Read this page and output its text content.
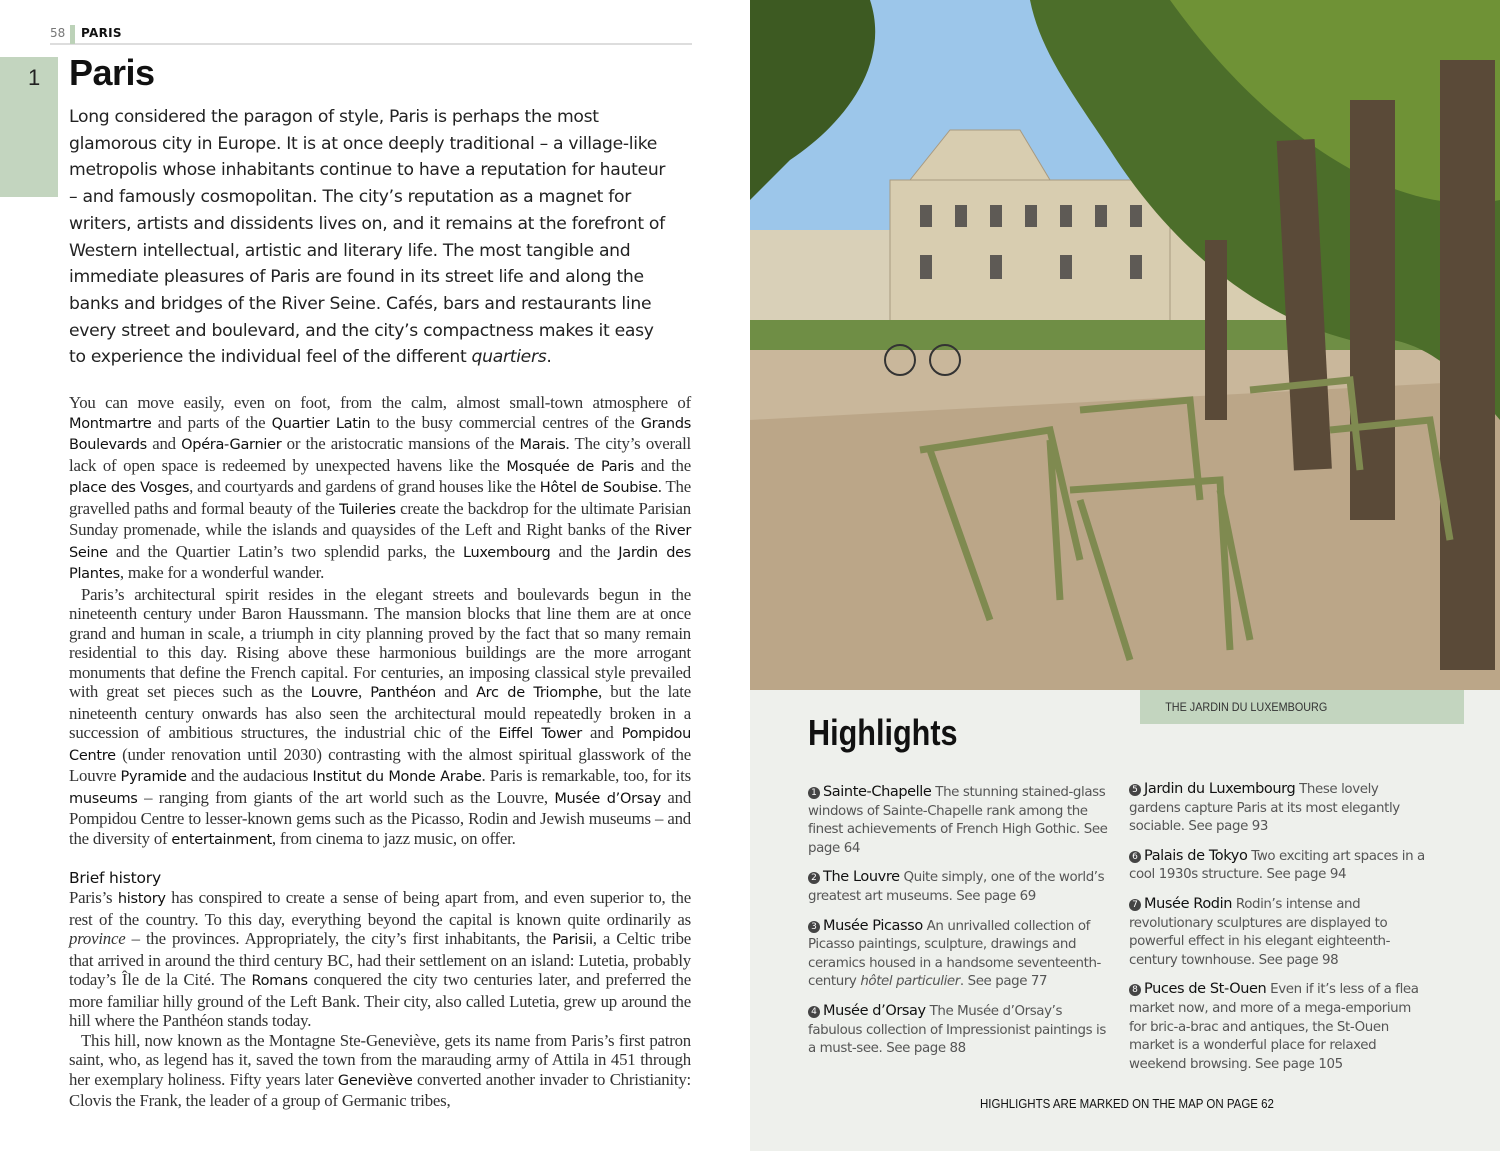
58 PARIS
1 Paris
Long considered the paragon of style, Paris is perhaps the most glamorous city in Europe. It is at once deeply traditional – a village-like metropolis whose inhabitants continue to have a reputation for hauteur – and famously cosmopolitan. The city’s reputation as a magnet for writers, artists and dissidents lives on, and it remains at the forefront of Western intellectual, artistic and literary life. The most tangible and immediate pleasures of Paris are found in its street life and along the banks and bridges of the River Seine. Cafés, bars and restaurants line every street and boulevard, and the city’s compactness makes it easy to experience the individual feel of the different quartiers.

You can move easily, even on foot, from the calm, almost small-town atmosphere of Montmartre and parts of the Quartier Latin to the busy commercial centres of the Grands Boulevards and Opéra-Garnier or the aristocratic mansions of the Marais. The city’s overall lack of open space is redeemed by unexpected havens like the Mosquée de Paris and the place des Vosges, and courtyards and gardens of grand houses like the Hôtel de Soubise. The gravelled paths and formal beauty of the Tuileries create the backdrop for the ultimate Parisian Sunday promenade, while the islands and quaysides of the Left and Right banks of the River Seine and the Quartier Latin’s two splendid parks, the Luxembourg and the Jardin des Plantes, make for a wonderful wander.

Paris’s architectural spirit resides in the elegant streets and boulevards begun in the nineteenth century under Baron Haussmann. The mansion blocks that line them are at once grand and human in scale, a triumph in city planning proved by the fact that so many remain residential to this day. Rising above these harmonious buildings are the more arrogant monuments that define the French capital. For centuries, an imposing classical style prevailed with great set pieces such as the Louvre, Panthéon and Arc de Triomphe, but the late nineteenth century onwards has also seen the architectural mould repeatedly broken in a succession of ambitious structures, the industrial chic of the Eiffel Tower and Pompidou Centre (under renovation until 2030) contrasting with the almost spiritual glasswork of the Louvre Pyramide and the audacious Institut du Monde Arabe. Paris is remarkable, too, for its museums – ranging from giants of the art world such as the Louvre, Musée d’Orsay and Pompidou Centre to lesser-known gems such as the Picasso, Rodin and Jewish museums – and the diversity of entertainment, from cinema to jazz music, on offer.

Brief history

Paris’s history has conspired to create a sense of being apart from, and even superior to, the rest of the country. To this day, everything beyond the capital is known quite ordinarily as province – the provinces. Appropriately, the city’s first inhabitants, the Parisii, a Celtic tribe that arrived in around the third century BC, had their settlement on an island: Lutetia, probably today’s Île de la Cité. The Romans conquered the city two centuries later, and preferred the more familiar hilly ground of the Left Bank. Their city, also called Lutetia, grew up around the hill where the Panthéon stands today.

This hill, now known as the Montagne Ste-Geneviève, gets its name from Paris’s first patron saint, who, as legend has it, saved the town from the marauding army of Attila in 451 through her exemplary holiness. Fifty years later Geneviève converted another invader to Christianity: Clovis the Frank, the leader of a group of Germanic tribes,

THE JARDIN DU LUXEMBOURG
Highlights
1 Sainte-Chapelle The stunning stained-glass windows of Sainte-Chapelle rank among the finest achievements of French High Gothic. See page 64
2 The Louvre Quite simply, one of the world’s greatest art museums. See page 69
3 Musée Picasso An unrivalled collection of Picasso paintings, sculpture, drawings and ceramics housed in a handsome seventeenth-century hôtel particulier. See page 77
4 Musée d’Orsay The Musée d’Orsay’s fabulous collection of Impressionist paintings is a must-see. See page 88
5 Jardin du Luxembourg These lovely gardens capture Paris at its most elegantly sociable. See page 93
6 Palais de Tokyo Two exciting art spaces in a cool 1930s structure. See page 94
7 Musée Rodin Rodin’s intense and revolutionary sculptures are displayed to powerful effect in his elegant eighteenth-century townhouse. See page 98
8 Puces de St-Ouen Even if it’s less of a flea market now, and more of a mega-emporium for bric-a-brac and antiques, the St-Ouen market is a wonderful place for relaxed weekend browsing. See page 105
HIGHLIGHTS ARE MARKED ON THE MAP ON PAGE 62
